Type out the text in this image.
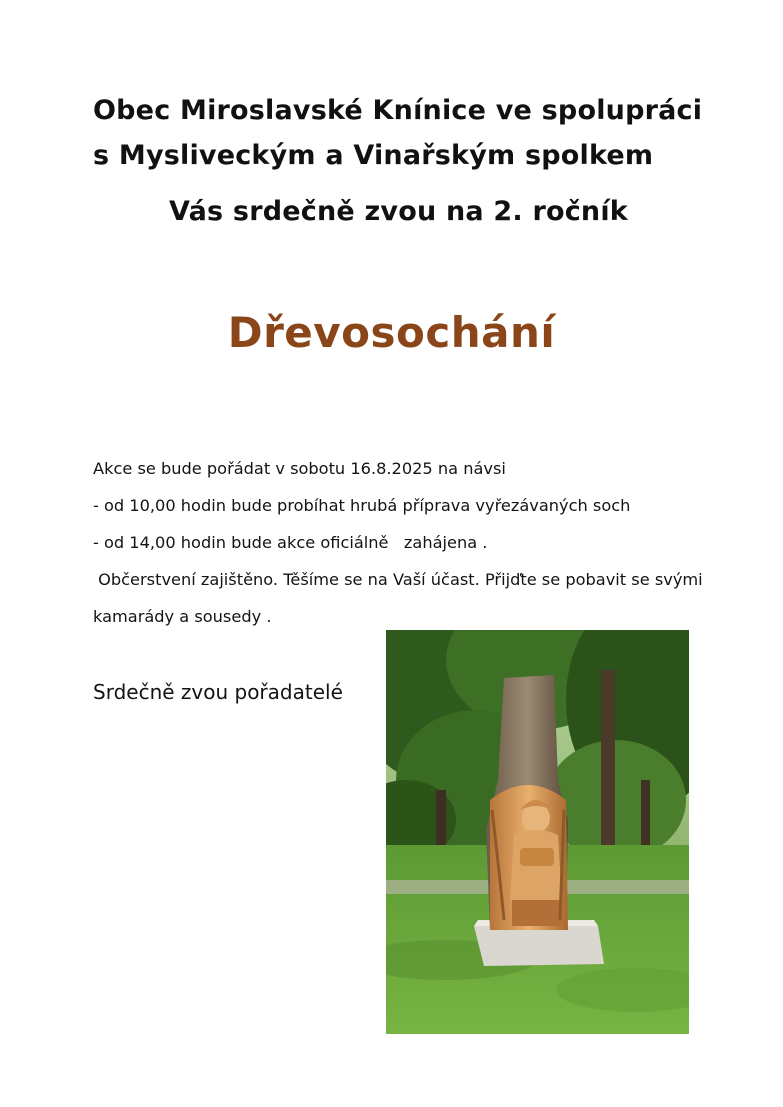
Obec Miroslavské Knínice ve spolupráci
s Mysliveckým a Vinařským spolkem
Vás srdečně zvou na 2. ročník
Dřevosochání
Akce se bude pořádat v sobotu 16.8.2025 na návsi
- od 10,00 hodin bude probíhat hrubá příprava vyřezávaných soch
- od 14,00 hodin bude akce oficiálně   zahájena .
Občerstvení zajištěno. Těšíme se na Vaší účast. Přijďte se pobavit se svými
kamarády a sousedy .
Srdečně zvou pořadatelé
